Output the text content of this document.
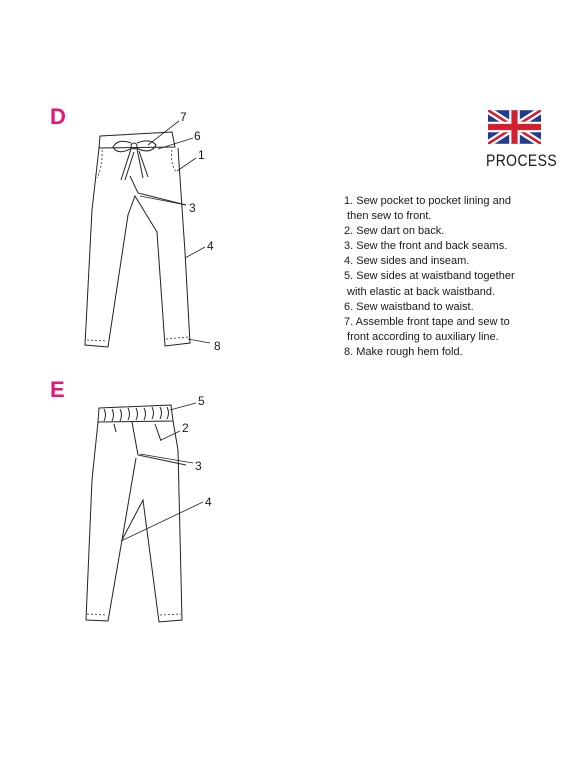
D
E
PROCESS
1. Sew pocket to pocket lining and
then sew to front.
2. Sew dart on back.
3. Sew the front and back seams.
4. Sew sides and inseam.
5. Sew sides at waistband together
with elastic at back waistband.
6. Sew waistband to waist.
7. Assemble front tape and sew to
front according to auxiliary line.
8. Make rough hem fold.
7
6
1
3
4
8
5
2
3
4
